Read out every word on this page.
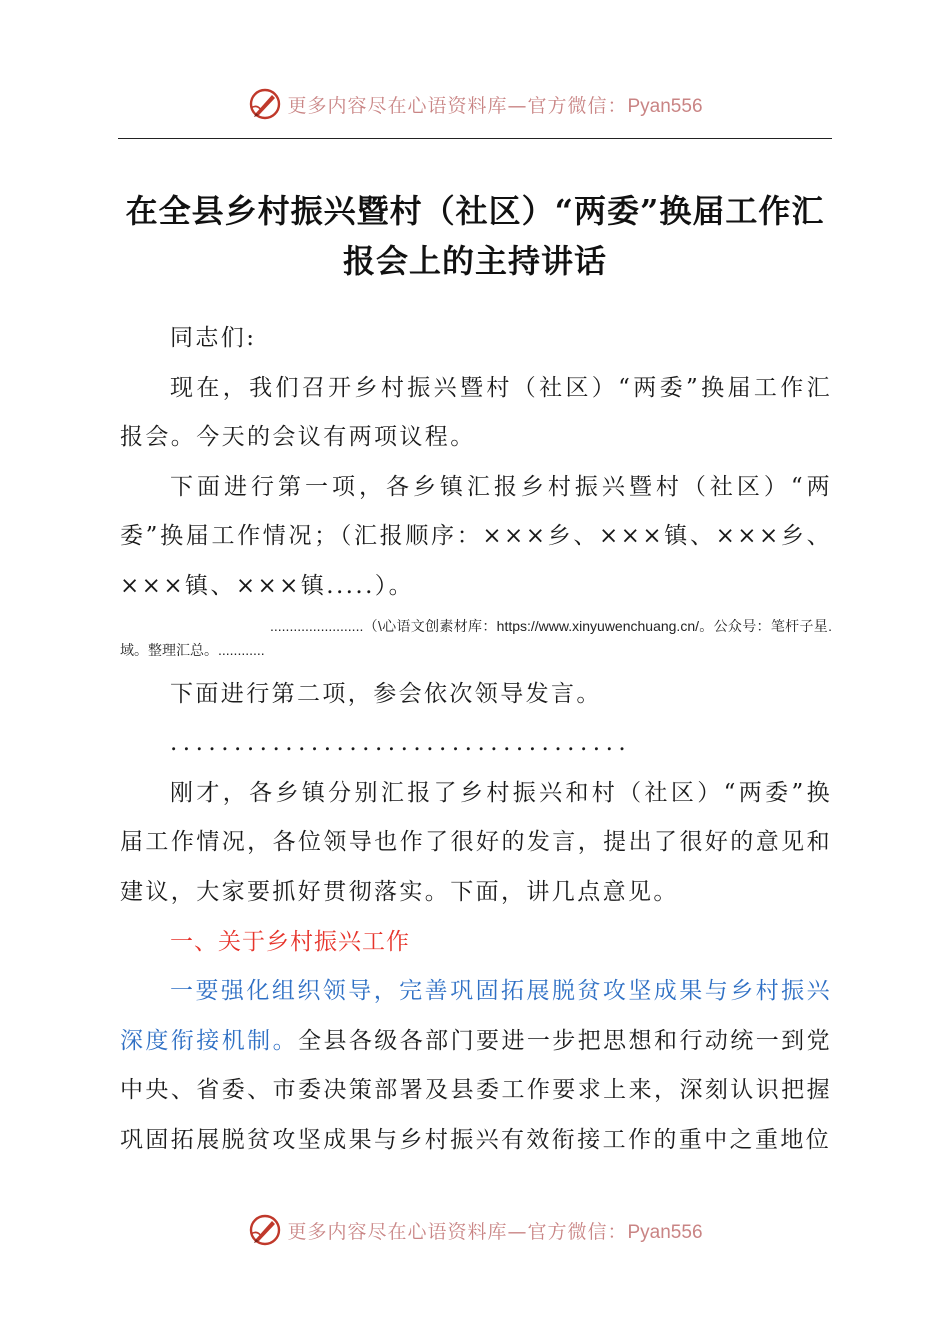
更多内容尽在心语资料库—官方微信：Pyan556
在全县乡村振兴暨村（社区）“两委”换届工作汇报会上的主持讲话

同志们:

现在，我们召开乡村振兴暨村（社区）“两委”换届工作汇报会。今天的会议有两项议程。

下面进行第一项，各乡镇汇报乡村振兴暨村（社区）“两委”换届工作情况；（汇报顺序：×××乡、×××镇、×××乡、×××镇、×××镇.....）。

........................（\心语文创素材库：https://www.xinyuwenchuang.cn/。公众号：笔杆子星.域。整理汇总。............

下面进行第二项，参会依次领导发言。

....................................

刚才，各乡镇分别汇报了乡村振兴和村（社区）“两委”换届工作情况，各位领导也作了很好的发言，提出了很好的意见和建议，大家要抓好贯彻落实。下面，讲几点意见。

一、关于乡村振兴工作

一要强化组织领导，完善巩固拓展脱贫攻坚成果与乡村振兴深度衔接机制。全县各级各部门要进一步把思想和行动统一到党中央、省委、市委决策部署及县委工作要求上来，深刻认识把握巩固拓展脱贫攻坚成果与乡村振兴有效衔接工作的重中之重地位

更多内容尽在心语资料库—官方微信：Pyan556
